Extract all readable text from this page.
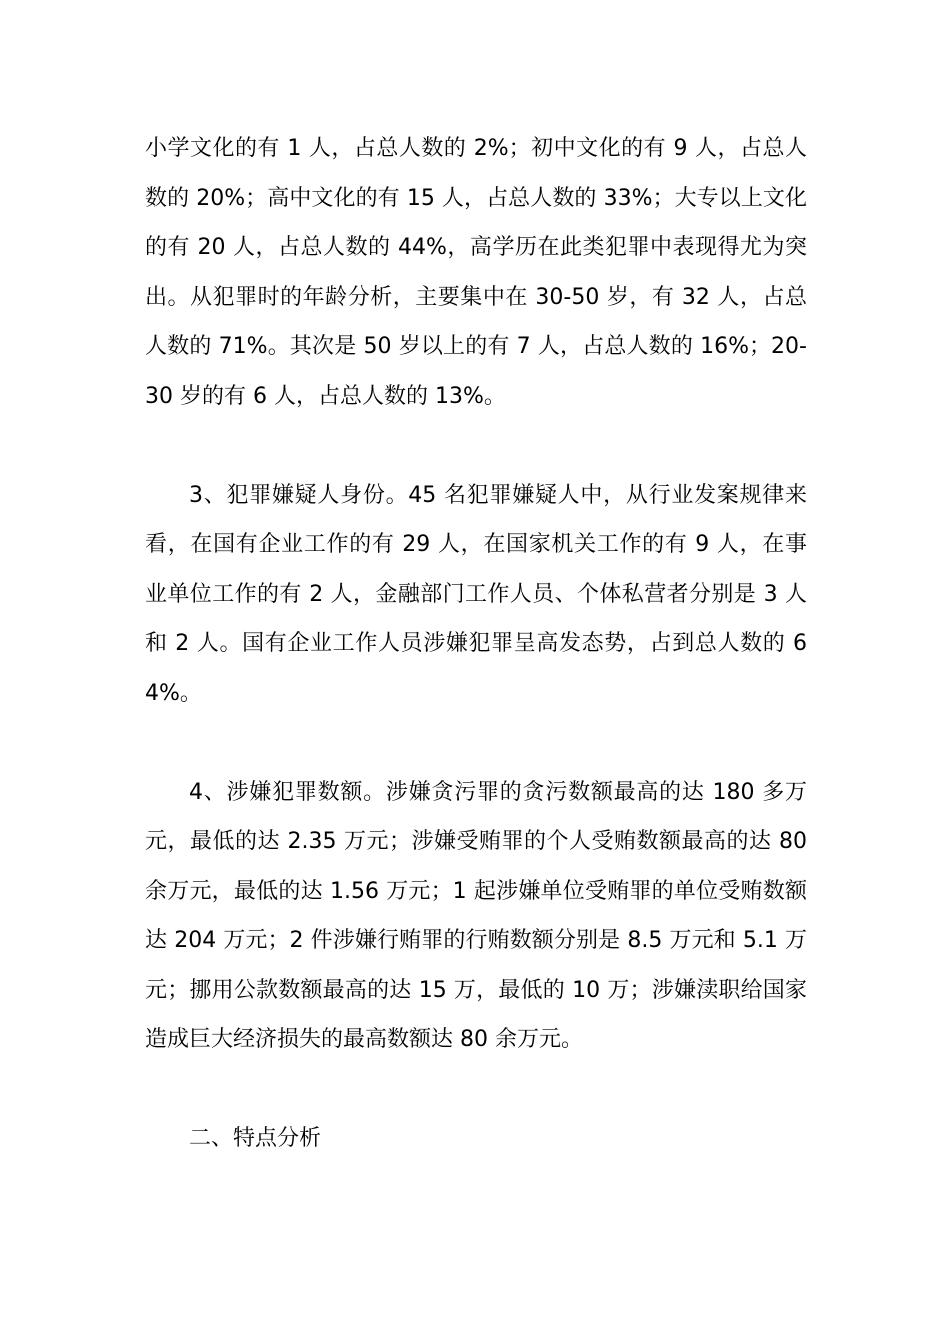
小学文化的有 1 人，占总人数的 2%；初中文化的有 9 人，占总人数的 20%；高中文化的有 15 人，占总人数的 33%；大专以上文化的有 20 人，占总人数的 44%，高学历在此类犯罪中表现得尤为突出。从犯罪时的年龄分析，主要集中在 30-50 岁，有 32 人，占总人数的 71%。其次是 50 岁以上的有 7 人，占总人数的 16%；20-30 岁的有 6 人，占总人数的 13%。

3、犯罪嫌疑人身份。45 名犯罪嫌疑人中，从行业发案规律来看，在国有企业工作的有 29 人，在国家机关工作的有 9 人，在事业单位工作的有 2 人，金融部门工作人员、个体私营者分别是 3 人和 2 人。国有企业工作人员涉嫌犯罪呈高发态势，占到总人数的 64%。

4、涉嫌犯罪数额。涉嫌贪污罪的贪污数额最高的达 180 多万元，最低的达 2.35 万元；涉嫌受贿罪的个人受贿数额最高的达 80 余万元，最低的达 1.56 万元；1 起涉嫌单位受贿罪的单位受贿数额达 204 万元；2 件涉嫌行贿罪的行贿数额分别是 8.5 万元和 5.1 万元；挪用公款数额最高的达 15 万，最低的 10 万；涉嫌渎职给国家造成巨大经济损失的最高数额达 80 余万元。

二、特点分析
